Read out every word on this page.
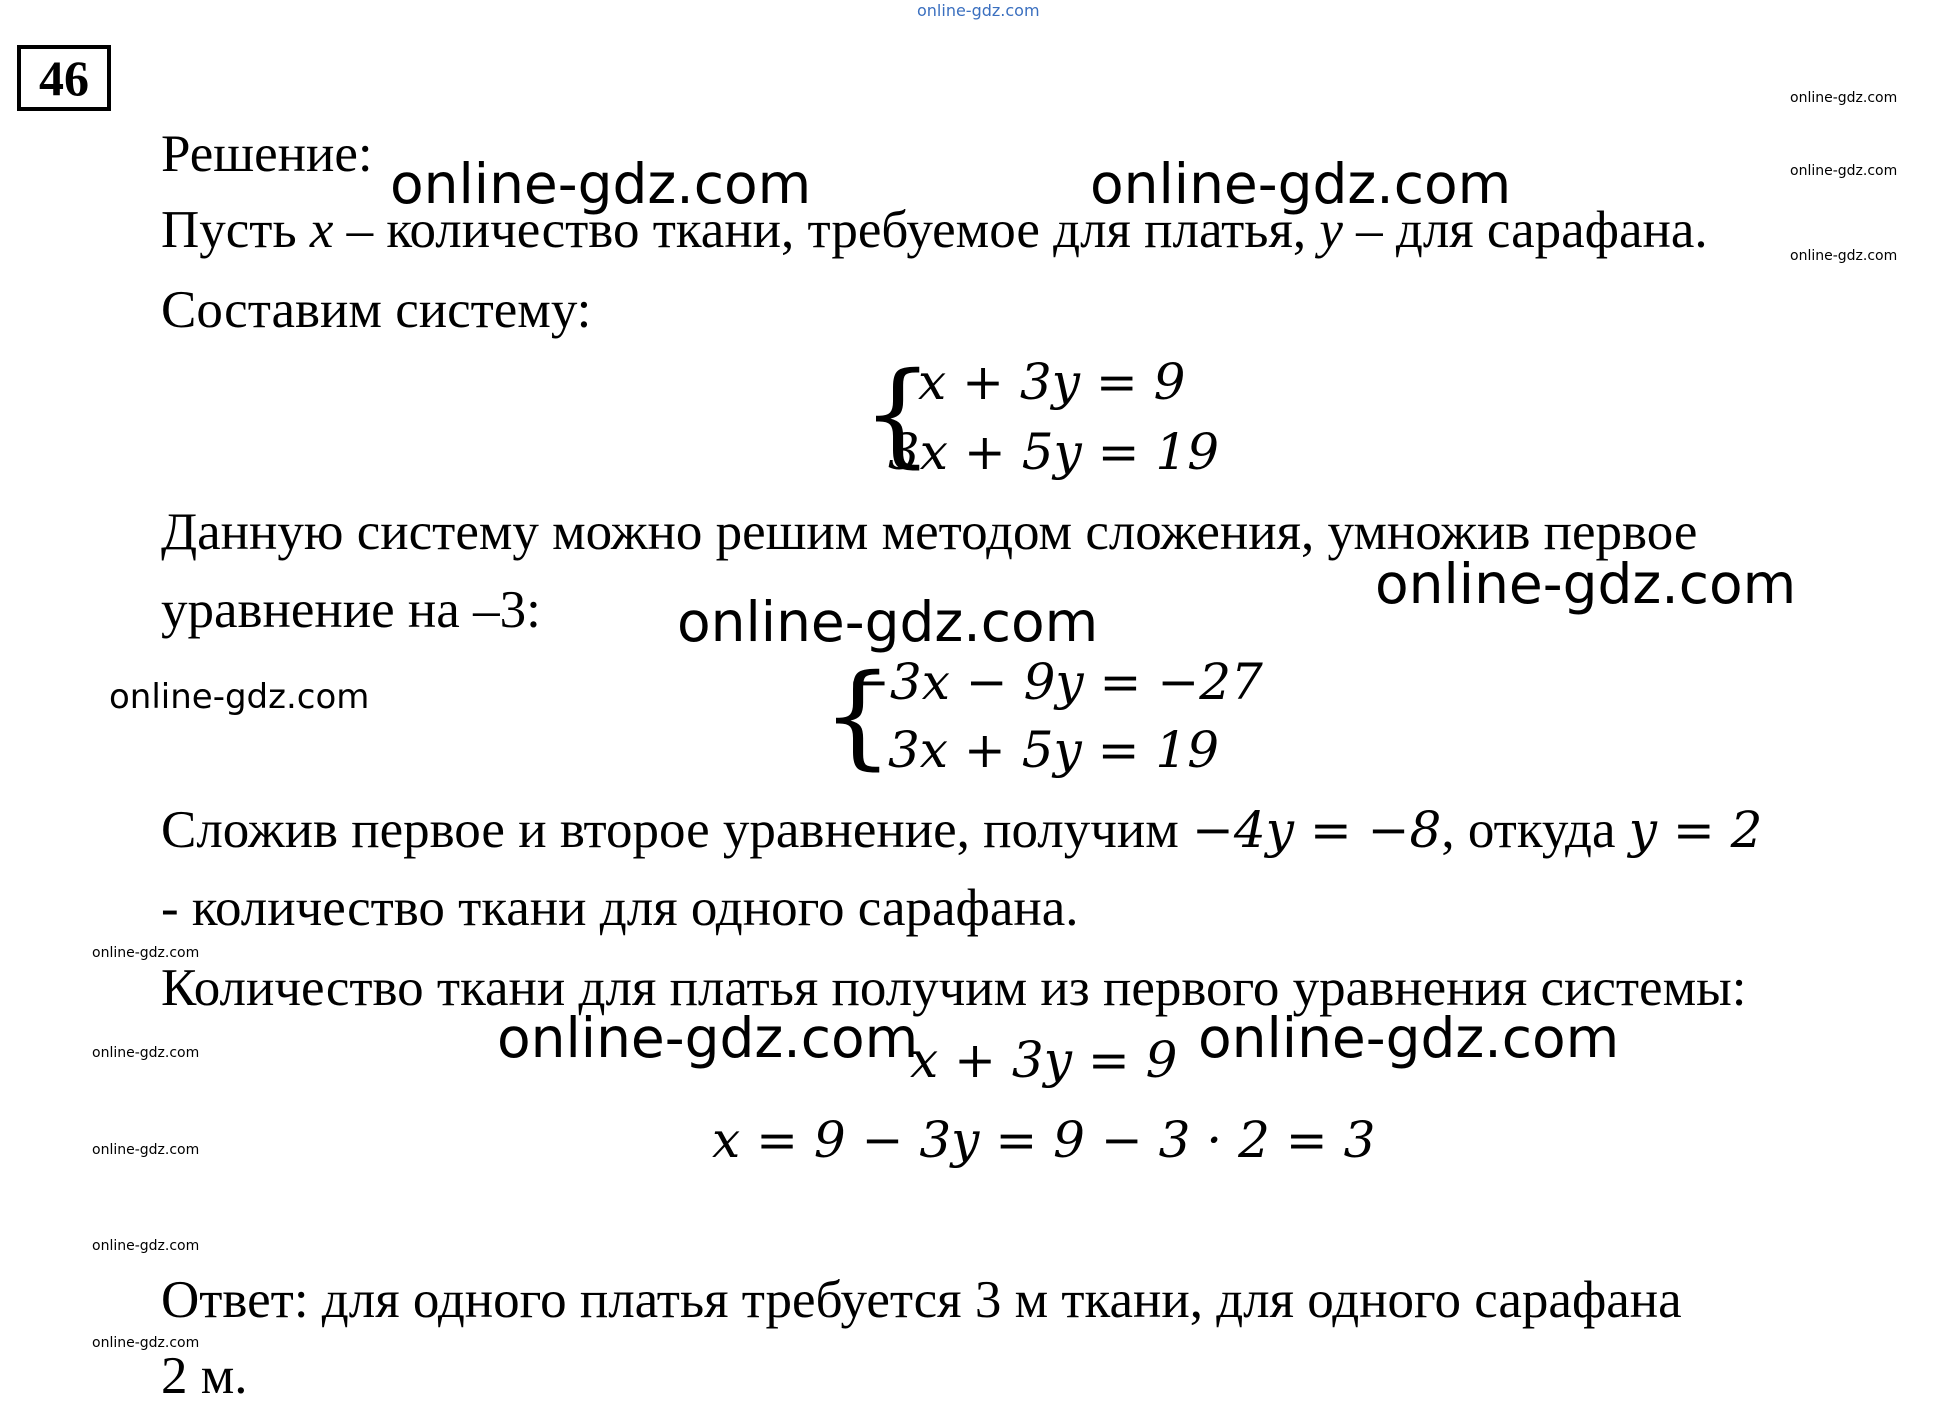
online-gdz.com
46
Решение:
Пусть x – количество ткани, требуемое для платья, y – для сарафана.
Составим систему:
{
x + 3y = 9
3x + 5y = 19
Данную систему можно решим методом сложения, умножив первое
уравнение на –3:
{
−3x − 9y = −27
3x + 5y = 19
Сложив первое и второе уравнение, получим −4y = −8, откуда y = 2
- количество ткани для одного сарафана.
Количество ткани для платья получим из первого уравнения системы:
x + 3y = 9
x = 9 − 3y = 9 − 3 · 2 = 3
Ответ: для одного платья требуется 3 м ткани, для одного сарафана
2 м.
online-gdz.com	online-gdz.com
online-gdz.com
online-gdz.com
online-gdz.com	online-gdz.com
online-gdz.com
online-gdz.com
online-gdz.com
online-gdz.com
online-gdz.com
online-gdz.com
online-gdz.com
online-gdz.com
online-gdz.com
